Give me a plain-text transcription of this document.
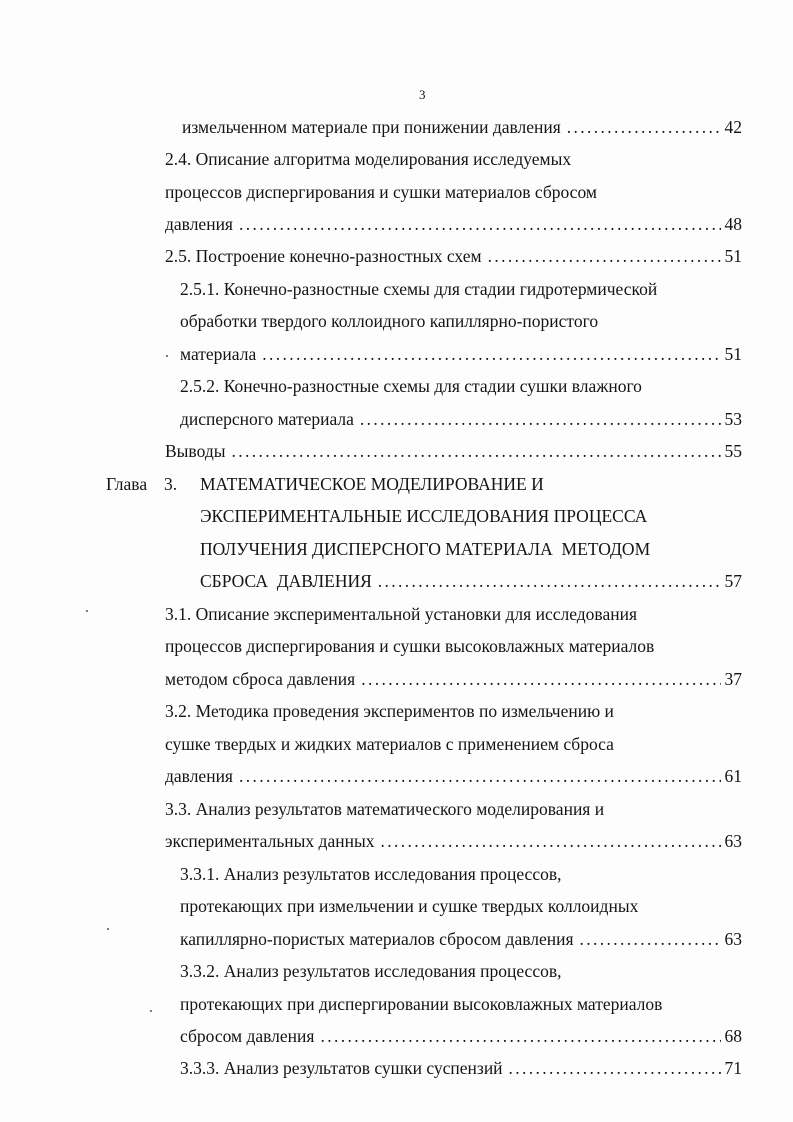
3
измельченном материале при понижении давления . . .	42
2.4. Описание алгоритма моделирования исследуемых
процессов диспергирования и сушки материалов сбросом
давления . . .	48
2.5. Построение конечно-разностных схем . . .	51
2.5.1. Конечно-разностные схемы для стадии гидротермической
обработки твердого коллоидного капиллярно-пористого
материала . . .	51
2.5.2. Конечно-разностные схемы для стадии сушки влажного
дисперсного материала . . .	53
Выводы . . .	55
Глава 3. МАТЕМАТИЧЕСКОЕ МОДЕЛИРОВАНИЕ И
ЭКСПЕРИМЕНТАЛЬНЫЕ ИССЛЕДОВАНИЯ ПРОЦЕССА
ПОЛУЧЕНИЯ ДИСПЕРСНОГО МАТЕРИАЛА  МЕТОДОМ
СБРОСА  ДАВЛЕНИЯ . . .	57
3.1. Описание экспериментальной установки для исследования
процессов диспергирования и сушки высоковлажных материалов
методом сброса давления . . .	37
3.2. Методика проведения экспериментов по измельчению и
сушке твердых и жидких материалов с применением сброса
давления . . .	61
3.3. Анализ результатов математического моделирования и
экспериментальных данных . . .	63
3.3.1. Анализ результатов исследования процессов,
протекающих при измельчении и сушке твердых коллоидных
капиллярно-пористых материалов сбросом давления . . .	63
3.3.2. Анализ результатов исследования процессов,
протекающих при диспергировании высоковлажных материалов
сбросом давления . . .	68
3.3.3. Анализ результатов сушки суспензий . . .	71
